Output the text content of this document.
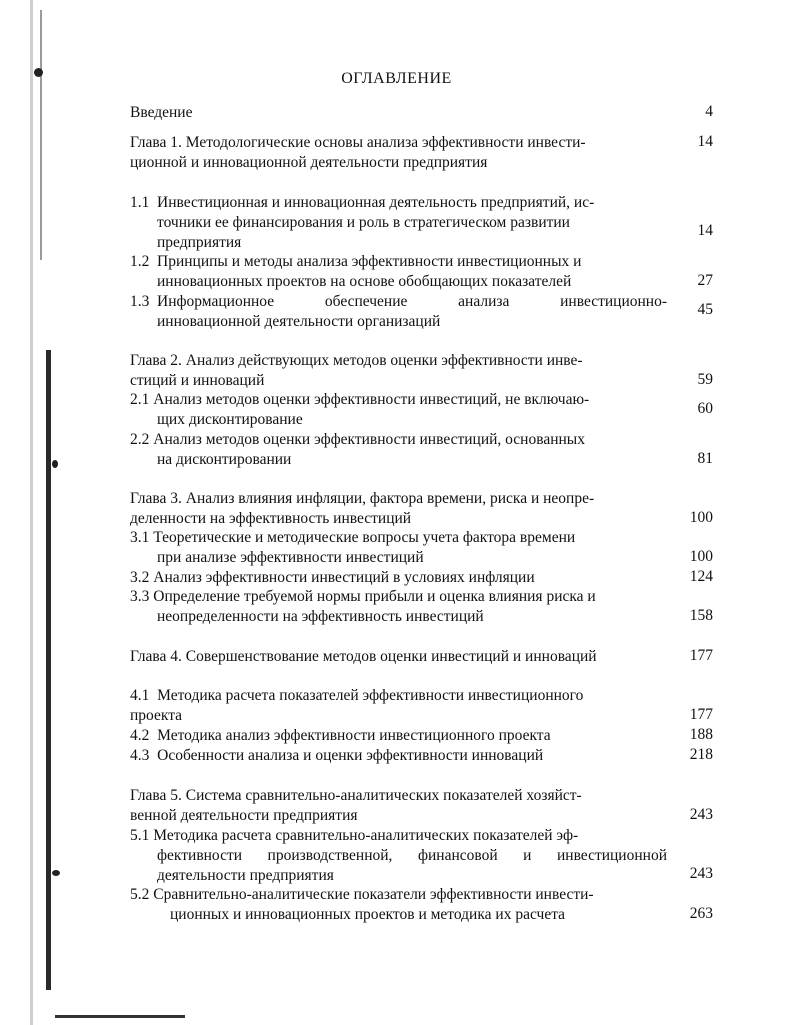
ОГЛАВЛЕНИЕ
Введение	4
Глава 1. Методологические основы анализа эффективности инвести-
ционной и инновационной деятельности предприятия
14
1.1 Инвестиционная и инновационная деятельность предприятий, ис-
точники ее финансирования и роль в стратегическом развитии
предприятия
14
1.2 Принципы и методы анализа эффективности инвестиционных и
инновационных проектов на основе обобщающих показателей	27
1.3 Информационное обеспечение анализа инвестиционно-
инновационной деятельности организаций
45
Глава 2. Анализ действующих методов оценки эффективности инве-
стиций и инноваций	59
2.1 Анализ методов оценки эффективности инвестиций, не включаю-
щих дисконтирование
60
2.2 Анализ методов оценки эффективности инвестиций, основанных
на дисконтировании	81
Глава 3. Анализ влияния инфляции, фактора времени, риска и неопре-
деленности на эффективность инвестиций	100
3.1 Теоретические и методические вопросы учета фактора времени
при анализе эффективности инвестиций	100
3.2 Анализ эффективности инвестиций в условиях инфляции	124
3.3 Определение требуемой нормы прибыли и оценка влияния риска и
неопределенности на эффективность инвестиций	158
Глава 4. Совершенствование методов оценки инвестиций и инноваций	177
4.1 Методика расчета показателей эффективности инвестиционного
проекта	177
4.2 Методика анализ эффективности инвестиционного проекта	188
4.3 Особенности анализа и оценки эффективности инноваций	218
Глава 5. Система сравнительно-аналитических показателей хозяйст-
венной деятельности предприятия	243
5.1 Методика расчета сравнительно-аналитических показателей эф-
фективности производственной, финансовой и инвестиционной
деятельности предприятия	243
5.2 Сравнительно-аналитические показатели эффективности инвести-
ционных и инновационных проектов и методика их расчета	263
